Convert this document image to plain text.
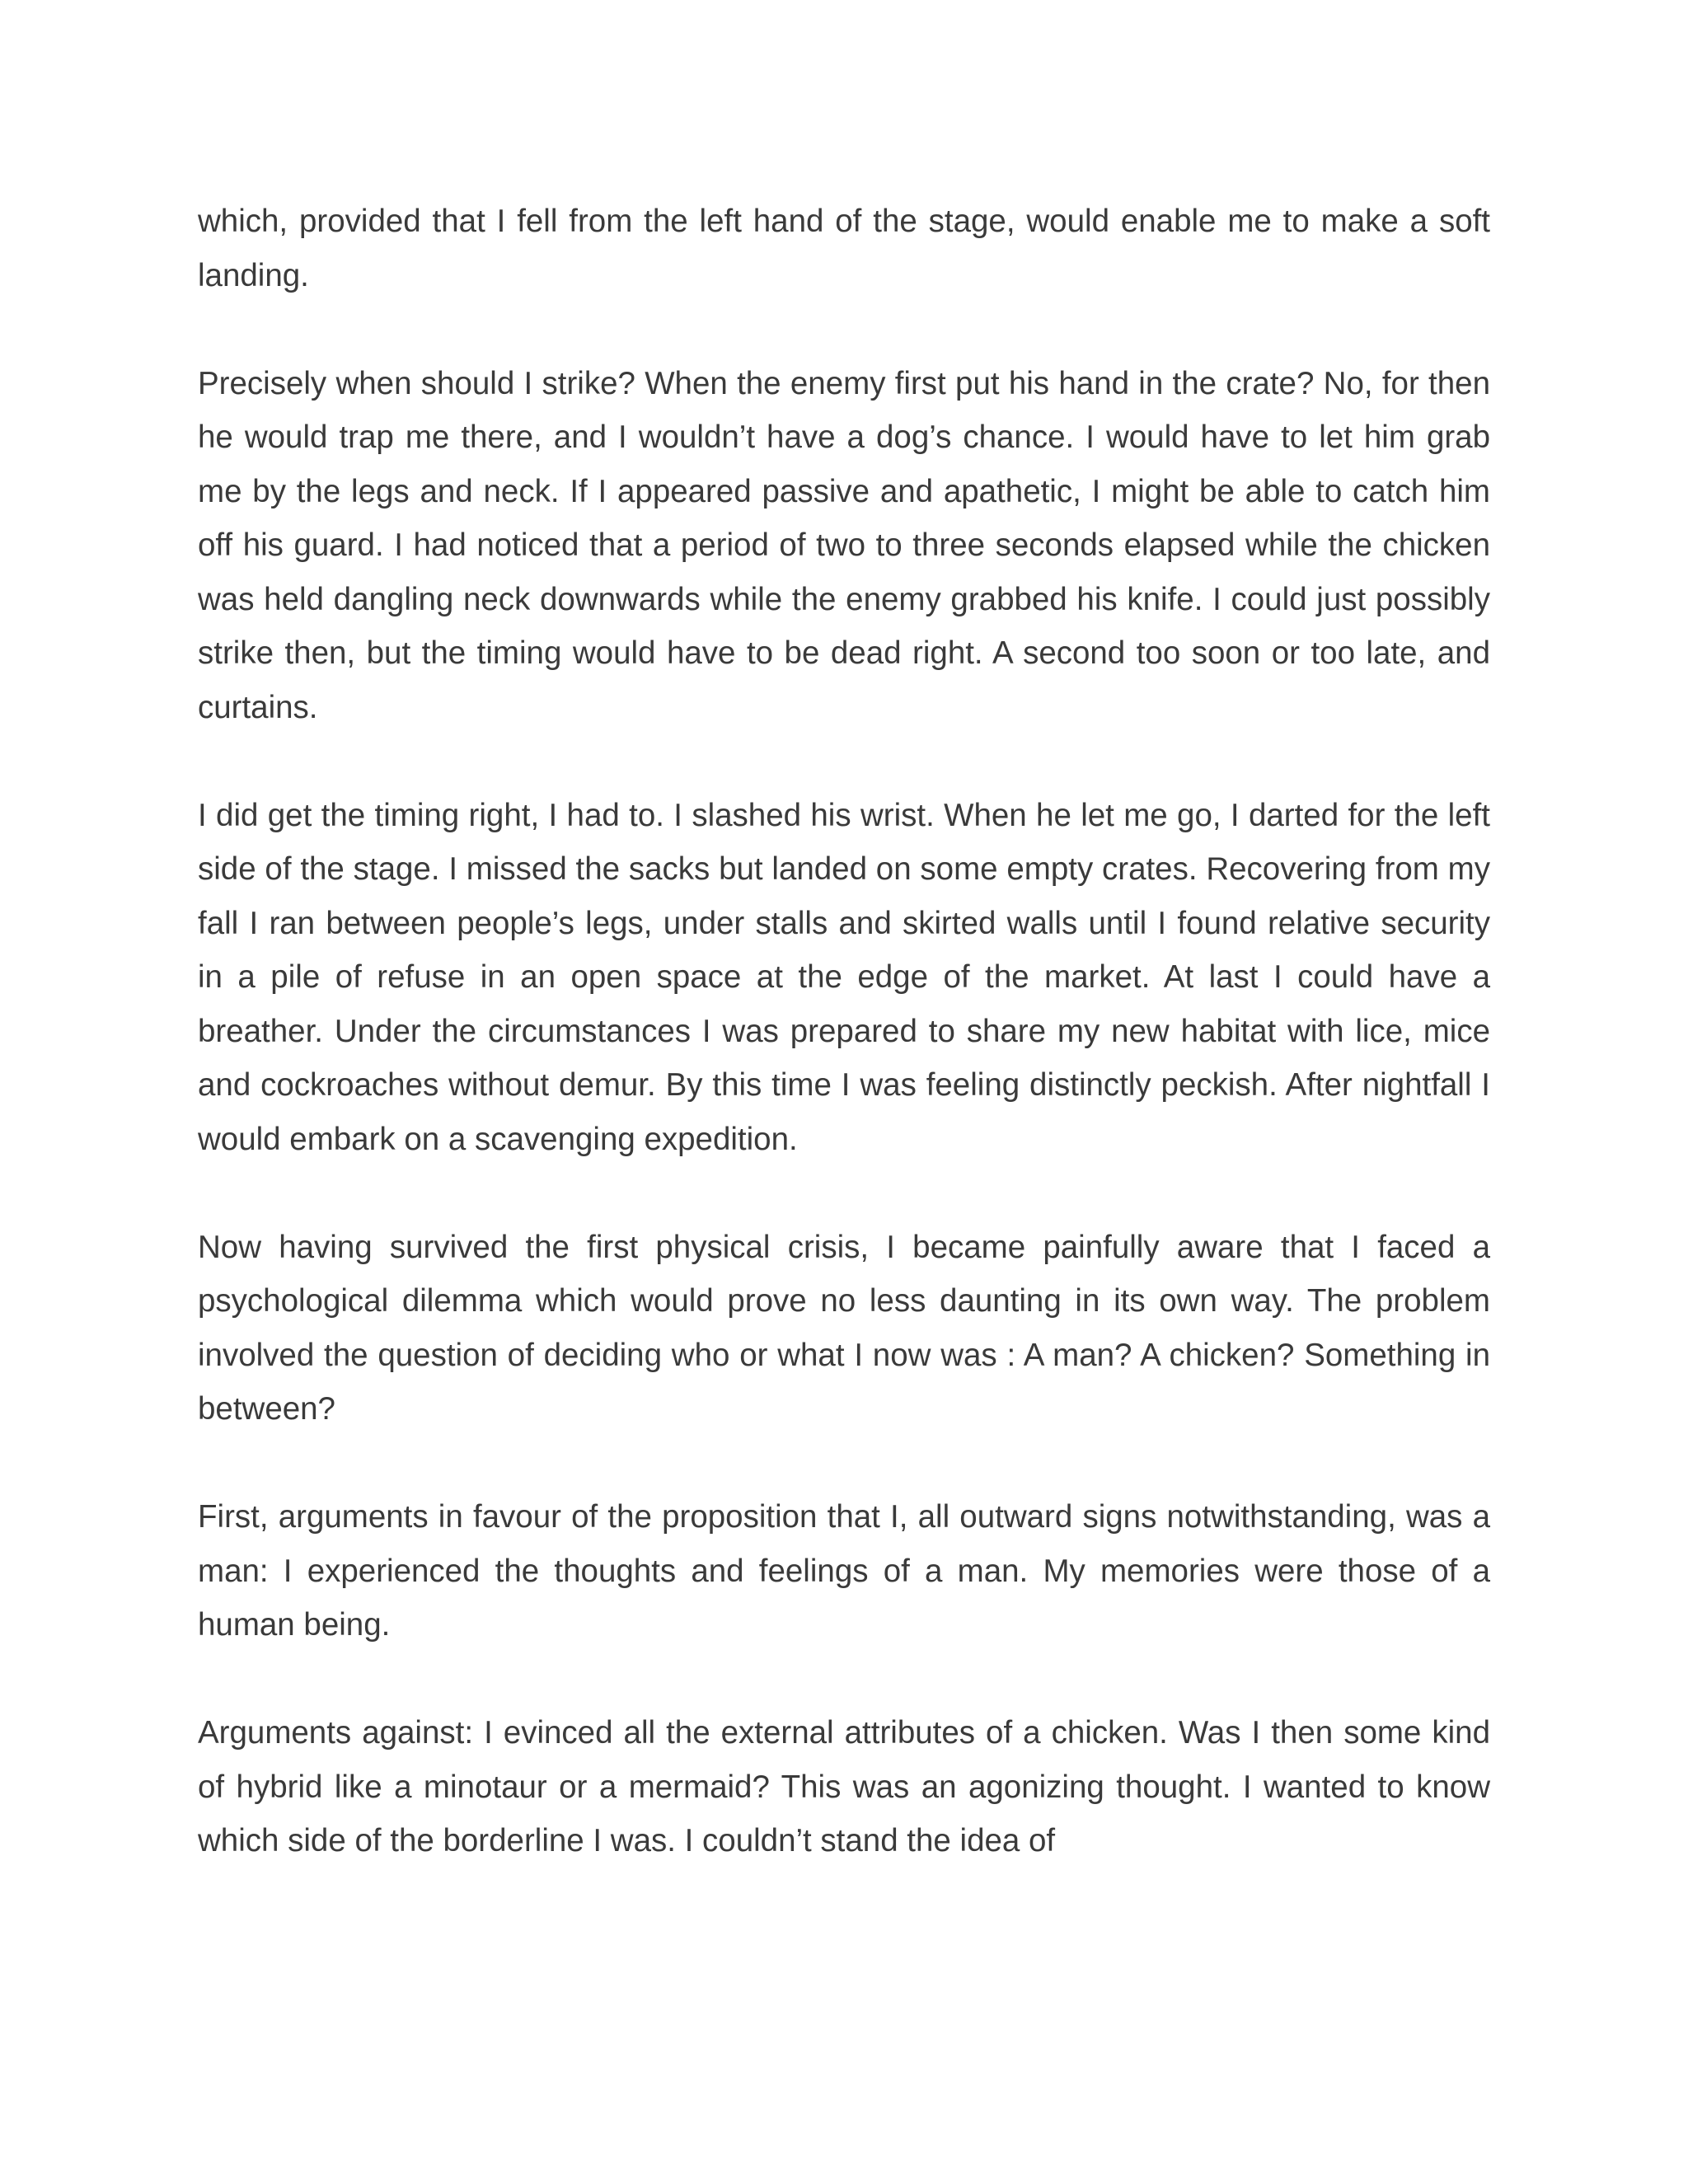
which, provided that I fell from the left hand of the stage, would enable me to make a soft landing.

Precisely when should I strike? When the enemy first put his hand in the crate? No, for then he would trap me there, and I wouldn’t have a dog’s chance. I would have to let him grab me by the legs and neck. If I appeared passive and apathetic, I might be able to catch him off his guard. I had noticed that a period of two to three seconds elapsed while the chicken was held dangling neck downwards while the enemy grabbed his knife. I could just possibly strike then, but the timing would have to be dead right. A second too soon or too late, and curtains.

I did get the timing right, I had to. I slashed his wrist. When he let me go, I darted for the left side of the stage. I missed the sacks but landed on some empty crates. Recovering from my fall I ran between people’s legs, under stalls and skirted walls until I found relative security in a pile of refuse in an open space at the edge of the market. At last I could have a breather. Under the circumstances I was prepared to share my new habitat with lice, mice and cockroaches without demur. By this time I was feeling distinctly peckish. After nightfall I would embark on a scavenging expedition.

Now having survived the first physical crisis, I became painfully aware that I faced a psychological dilemma which would prove no less daunting in its own way. The problem involved the question of deciding who or what I now was : A man? A chicken? Something in between?

First, arguments in favour of the proposition that I, all outward signs notwithstanding, was a man: I experienced the thoughts and feelings of a man. My memories were those of a human being.

Arguments against: I evinced all the external attributes of a chicken. Was I then some kind of hybrid like a minotaur or a mermaid? This was an agonizing thought. I wanted to know which side of the borderline I was. I couldn’t stand the idea of
